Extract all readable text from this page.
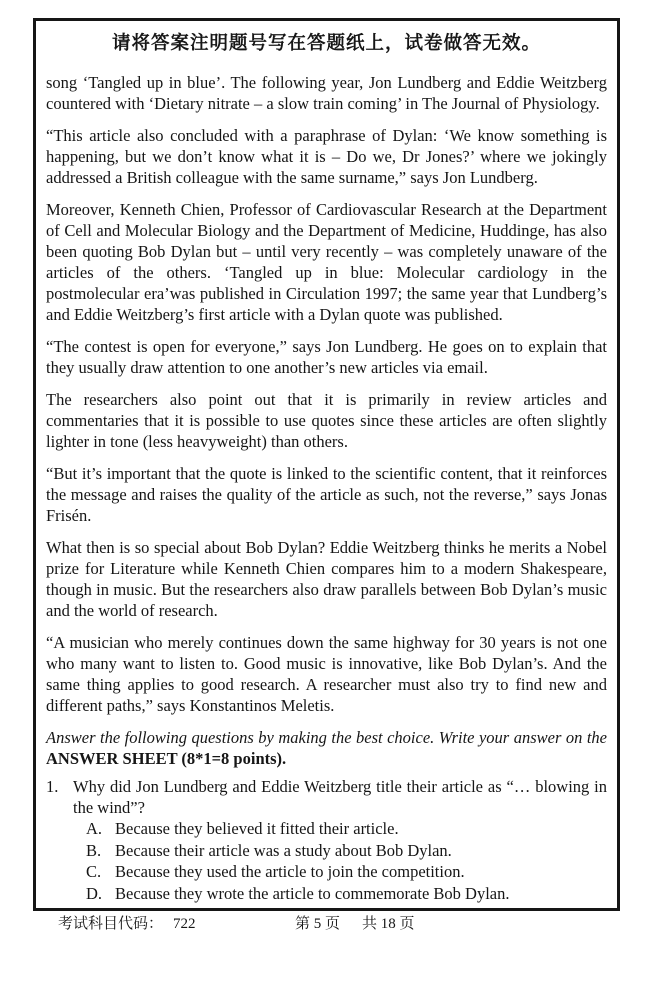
请将答案注明题号写在答题纸上，试卷做答无效。

song ‘Tangled up in blue’. The following year, Jon Lundberg and Eddie Weitzberg countered with ‘Dietary nitrate – a slow train coming’ in The Journal of Physiology.

“This article also concluded with a paraphrase of Dylan: ‘We know something is happening, but we don’t know what it is – Do we, Dr Jones?’ where we jokingly addressed a British colleague with the same surname,” says Jon Lundberg.

Moreover, Kenneth Chien, Professor of Cardiovascular Research at the Department of Cell and Molecular Biology and the Department of Medicine, Huddinge, has also been quoting Bob Dylan but – until very recently – was completely unaware of the articles of the others. ‘Tangled up in blue: Molecular cardiology in the postmolecular era’was published in Circulation 1997; the same year that Lundberg’s and Eddie Weitzberg’s first article with a Dylan quote was published.

“The contest is open for everyone,” says Jon Lundberg. He goes on to explain that they usually draw attention to one another’s new articles via email.

The researchers also point out that it is primarily in review articles and commentaries that it is possible to use quotes since these articles are often slightly lighter in tone (less heavyweight) than others.

“But it’s important that the quote is linked to the scientific content, that it reinforces the message and raises the quality of the article as such, not the reverse,” says Jonas Frisén.

What then is so special about Bob Dylan? Eddie Weitzberg thinks he merits a Nobel prize for Literature while Kenneth Chien compares him to a modern Shakespeare, though in music. But the researchers also draw parallels between Bob Dylan’s music and the world of research.

“A musician who merely continues down the same highway for 30 years is not one who many want to listen to. Good music is innovative, like Bob Dylan’s. And the same thing applies to good research. A researcher must also try to find new and different paths,” says Konstantinos Meletis.

Answer the following questions by making the best choice. Write your answer on the
ANSWER SHEET (8*1=8 points).
1. Why did Jon Lundberg and Eddie Weitzberg title their article as “… blowing in the wind”?
A. Because they believed it fitted their article.
B. Because their article was a study about Bob Dylan.
C. Because they used the article to join the competition.
D. Because they wrote the article to commemorate Bob Dylan.
考试科目代码： 722	第 5 页 共 18 页
